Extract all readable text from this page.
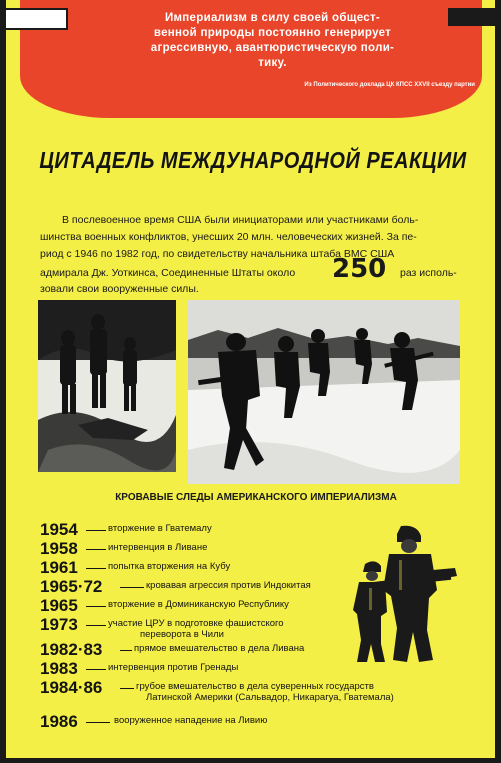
Империализм в силу своей общест-
венной природы постоянно генерирует
агрессивную, авантюристическую поли-
тику.
Из Политического доклада ЦК КПСС XXVII съезду партии
ЦИТАДЕЛЬ МЕЖДУНАРОДНОЙ РЕАКЦИИ
В послевоенное время США были инициаторами или участниками боль-
шинства военных конфликтов, унесших 20 млн. человеческих жизней. За пе-
риод с 1946 по 1982 год, по свидетельству начальника штаба ВМС США
адмирала Дж. Уоткинса, Соединенные Штаты около 250 раз исполь-
зовали свои вооруженные силы.
КРОВАВЫЕ СЛЕДЫ АМЕРИКАНСКОГО ИМПЕРИАЛИЗМА
1954	вторжение в Гватемалу
1958	интервенция в Ливане
1961	попытка вторжения на Кубу
1965·72	кровавая агрессия против Индокитая
1965	вторжение в Доминиканскую Республику
1973	участие ЦРУ в подготовке фашистского
переворота в Чили
1982·83	прямое вмешательство в дела Ливана
1983	интервенция против Гренады
1984·86	грубое вмешательство в дела суверенных государств
Латинской Америки (Сальвадор, Никарагуа, Гватемала)
1986	вооруженное нападение на Ливию
